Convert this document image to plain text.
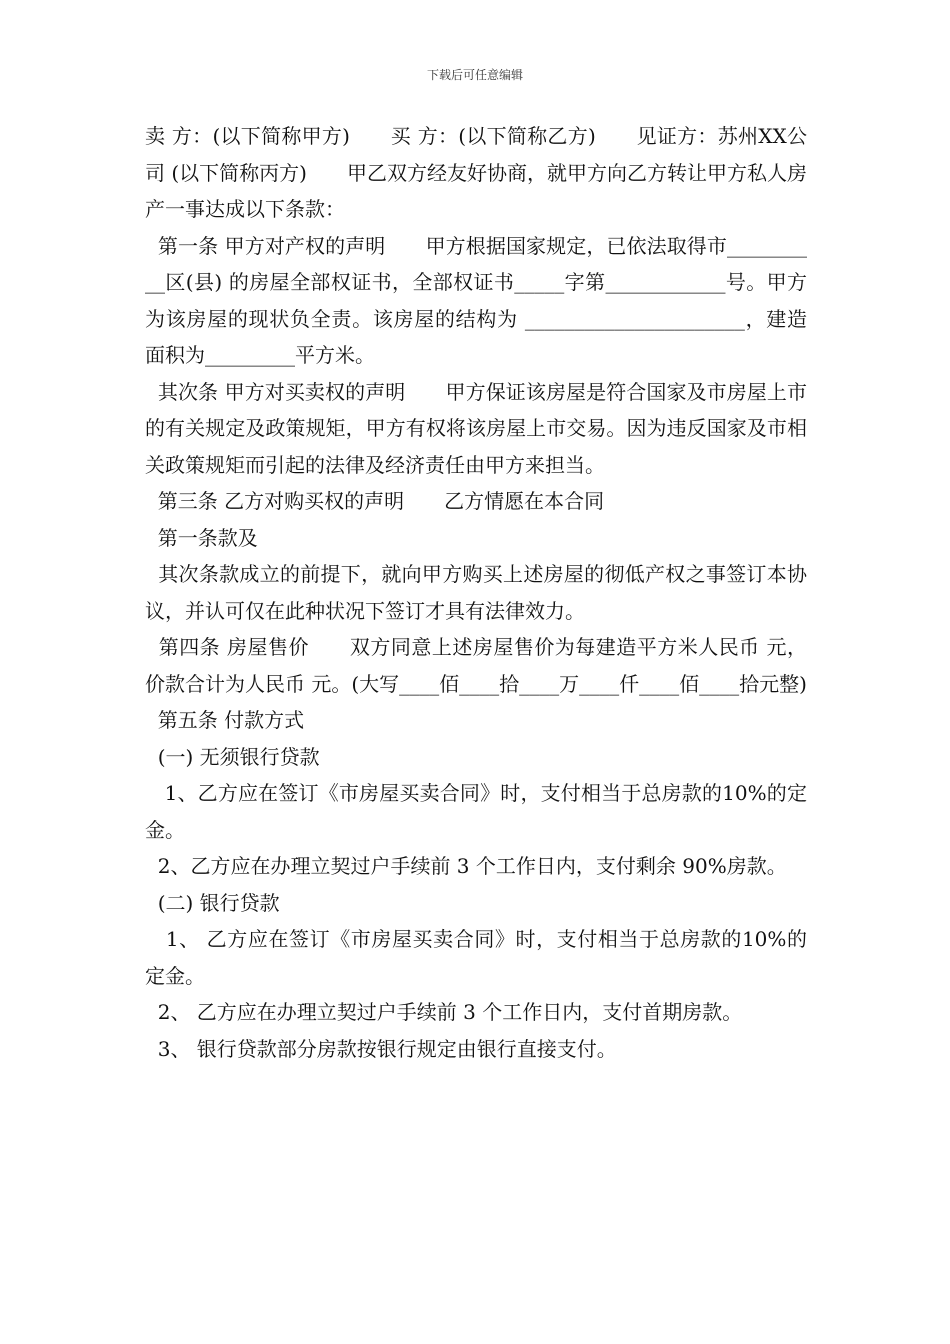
下载后可任意编辑

卖 方：(以下简称甲方)　　买 方：(以下简称乙方)　　见证方：苏州XX公司 (以下简称丙方)　　甲乙双方经友好协商，就甲方向乙方转让甲方私人房产一事达成以下条款：

第一条 甲方对产权的声明　　甲方根据国家规定，已依法取得市__________区(县) 的房屋全部权证书，全部权证书_____字第____________号。甲方为该房屋的现状负全责。该房屋的结构为 ______________________，建造面积为_________平方米。

其次条 甲方对买卖权的声明　　甲方保证该房屋是符合国家及市房屋上市的有关规定及政策规矩，甲方有权将该房屋上市交易。因为违反国家及市相关政策规矩而引起的法律及经济责任由甲方来担当。

第三条 乙方对购买权的声明　　乙方情愿在本合同

第一条款及

其次条款成立的前提下，就向甲方购买上述房屋的彻低产权之事签订本协议，并认可仅在此种状况下签订才具有法律效力。

第四条 房屋售价　　双方同意上述房屋售价为每建造平方米人民币 元，价款合计为人民币 元。(大写____佰____拾____万____仟____佰____拾元整)

第五条 付款方式

(一) 无须银行贷款

1、乙方应在签订《市房屋买卖合同》时，支付相当于总房款的10%的定金。

2、乙方应在办理立契过户手续前 3 个工作日内，支付剩余 90%房款。

(二) 银行贷款

1、 乙方应在签订《市房屋买卖合同》时，支付相当于总房款的10%的定金。

2、 乙方应在办理立契过户手续前 3 个工作日内，支付首期房款。

3、 银行贷款部分房款按银行规定由银行直接支付。
